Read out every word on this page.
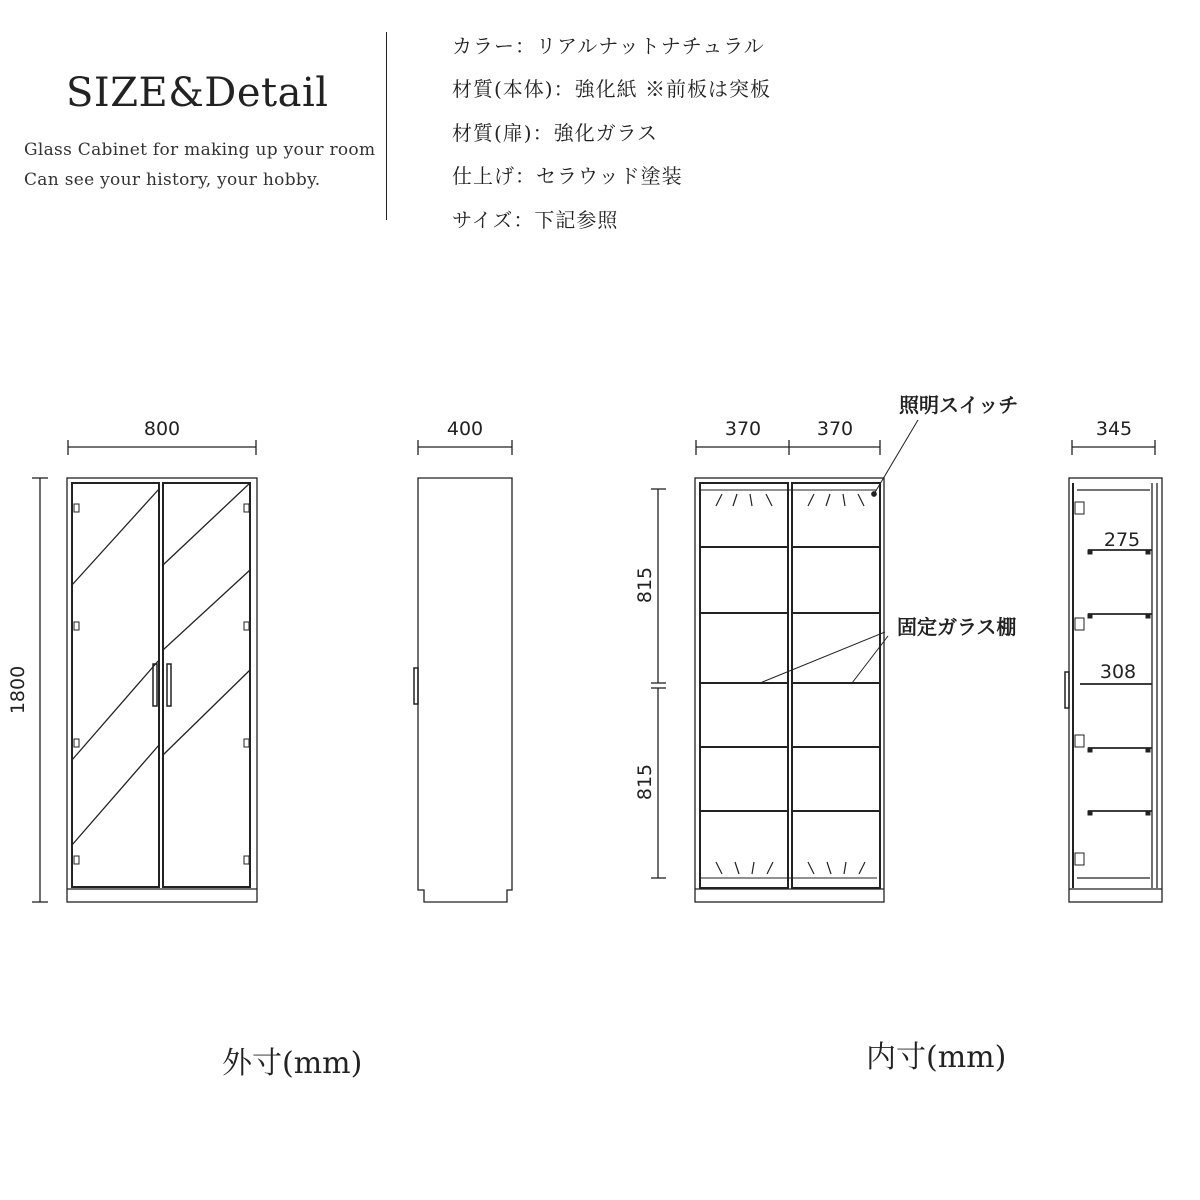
SIZE&Detail
Glass Cabinet for making up your room
Can see your history, your hobby.
カラー：リアルナットナチュラル
材質(本体)：強化紙 ※前板は突板
材質(扉)：強化ガラス
仕上げ：セラウッド塗装
サイズ：下記参照
800
1800
400	370	370
815
815
照明スイッチ
固定ガラス棚
345
275
308
外寸(mm)	内寸(mm)
